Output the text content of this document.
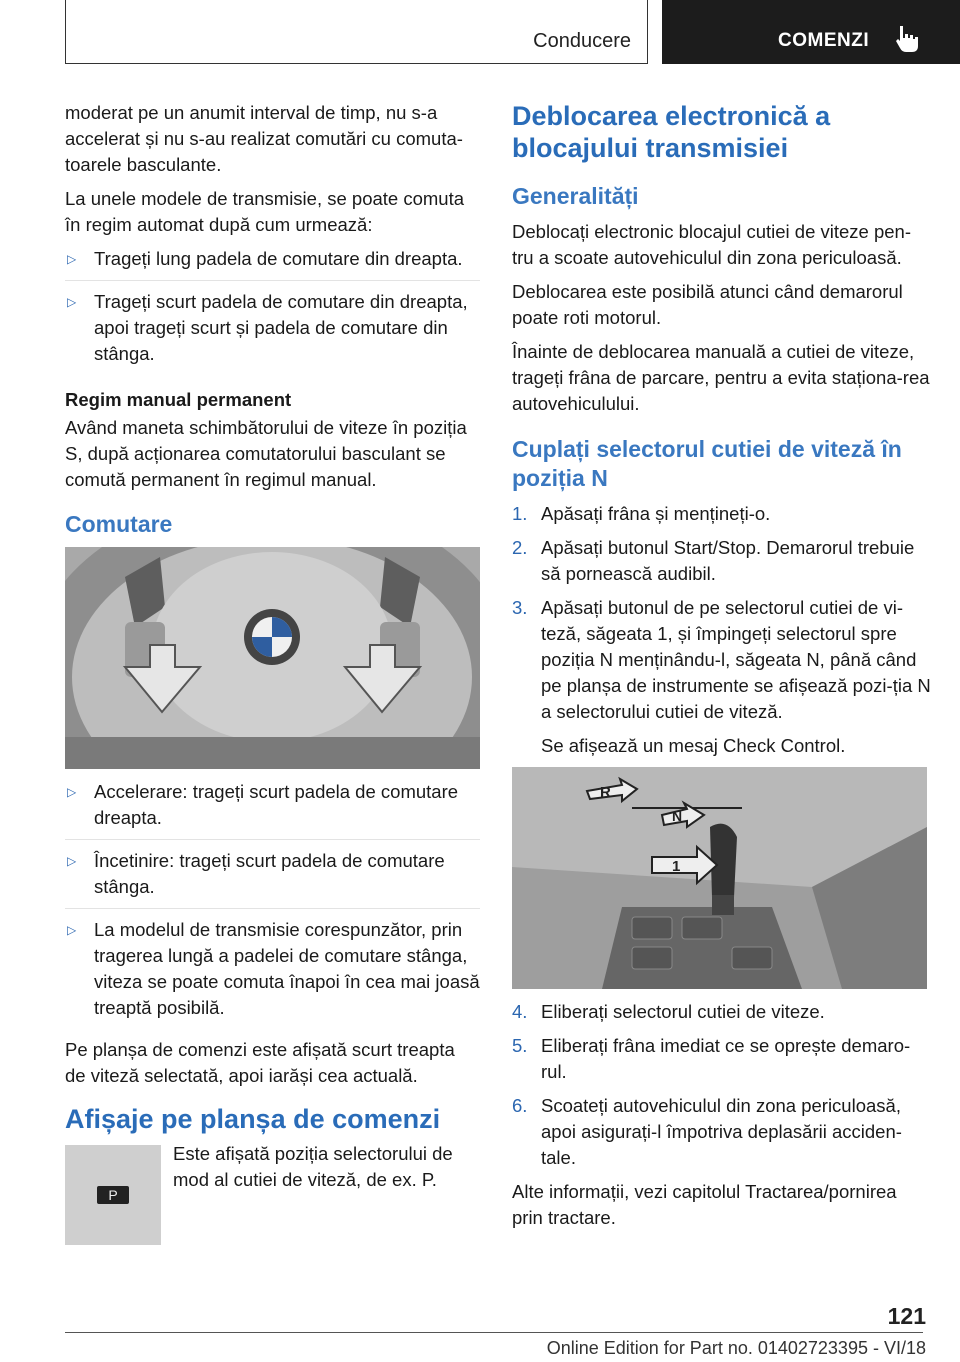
Conducere	COMENZI

moderat pe un anumit interval de timp, nu s-a accelerat și nu s-au realizat comutări cu comuta-toarele basculante.

La unele modele de transmisie, se poate comuta în regim automat după cum urmează:

▷ Trageți lung padela de comutare din dreapta.
▷ Trageți scurt padela de comutare din dreapta, apoi trageți scurt și padela de comutare din stânga.
Regim manual permanent

Având maneta schimbătorului de viteze în poziția S, după acționarea comutatorului basculant se comută permanent în regimul manual.

Comutare
▷ Accelerare: trageți scurt padela de comutare dreapta.
▷ Încetinire: trageți scurt padela de comutare stânga.
▷ La modelul de transmisie corespunzător, prin tragerea lungă a padelei de comutare stânga, viteza se poate comuta înapoi în cea mai joasă treaptă posibilă.

Pe planșa de comenzi este afișată scurt treapta de viteză selectată, apoi iarăși cea actuală.

Afișaje pe planșa de comenzi
P
Este afișată poziția selectorului de mod al cutiei de viteză, de ex. P.
Deblocarea electronică a blocajului transmisiei
Generalități

Deblocați electronic blocajul cutiei de viteze pen-tru a scoate autovehiculul din zona periculoasă.

Deblocarea este posibilă atunci când demarorul poate roti motorul.

Înainte de deblocarea manuală a cutiei de viteze, trageți frâna de parcare, pentru a evita staționa-rea autovehiculului.

Cuplați selectorul cutiei de viteză în poziția N
1. Apăsați frâna și mențineți-o.
2. Apăsați butonul Start/Stop. Demarorul trebuie să pornească audibil.
3. Apăsați butonul de pe selectorul cutiei de vi-teză, săgeata 1, și împingeți selectorul spre poziția N menținându-l, săgeata N, până când pe planșa de instrumente se afișează pozi-ția N a selectorului cutiei de viteză.
Se afișează un mesaj Check Control.
R
N
1
4. Eliberați selectorul cutiei de viteze.
5. Eliberați frâna imediat ce se oprește demaro-rul.
6. Scoateți autovehiculul din zona periculoasă, apoi asigurați-l împotriva deplasării acciden-tale.

Alte informații, vezi capitolul Tractarea/pornirea prin tractare.

121
Online Edition for Part no. 01402723395 - VI/18
